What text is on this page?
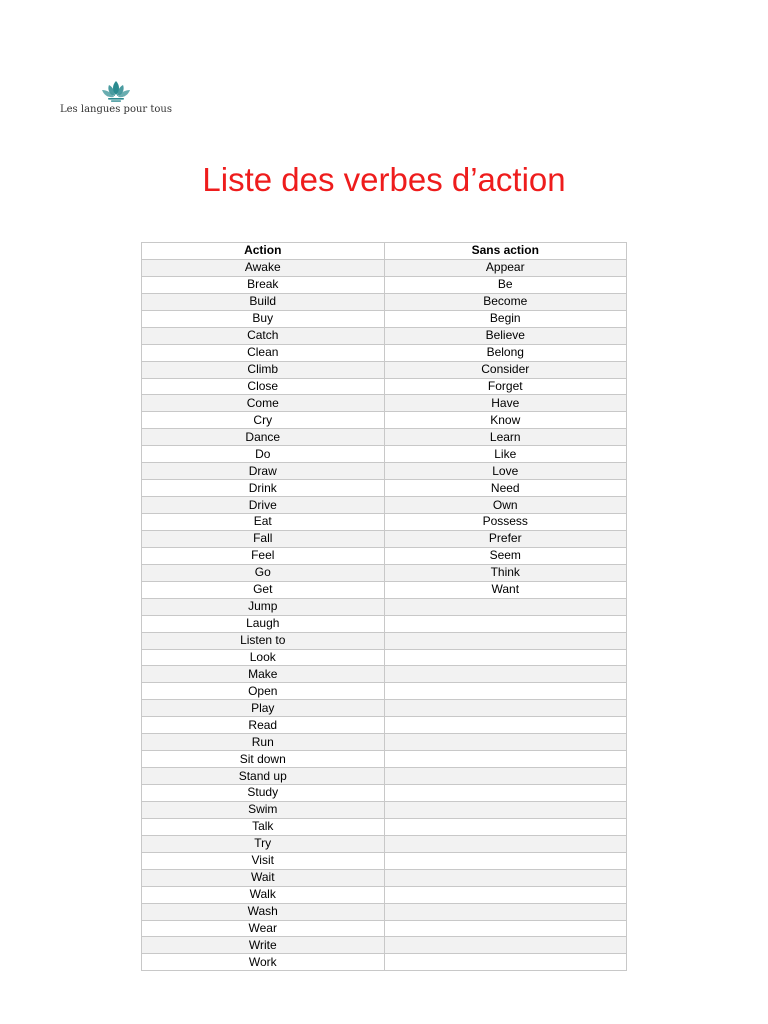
Les langues pour tous
Liste des verbes d’action
Action	Sans action
Awake	Appear
Break	Be
Build	Become
Buy	Begin
Catch	Believe
Clean	Belong
Climb	Consider
Close	Forget
Come	Have
Cry	Know
Dance	Learn
Do	Like
Draw	Love
Drink	Need
Drive	Own
Eat	Possess
Fall	Prefer
Feel	Seem
Go	Think
Get	Want
Jump	
Laugh	
Listen to	
Look	
Make	
Open	
Play	
Read	
Run	
Sit down	
Stand up	
Study	
Swim	
Talk	
Try	
Visit	
Wait	
Walk	
Wash	
Wear	
Write	
Work	
